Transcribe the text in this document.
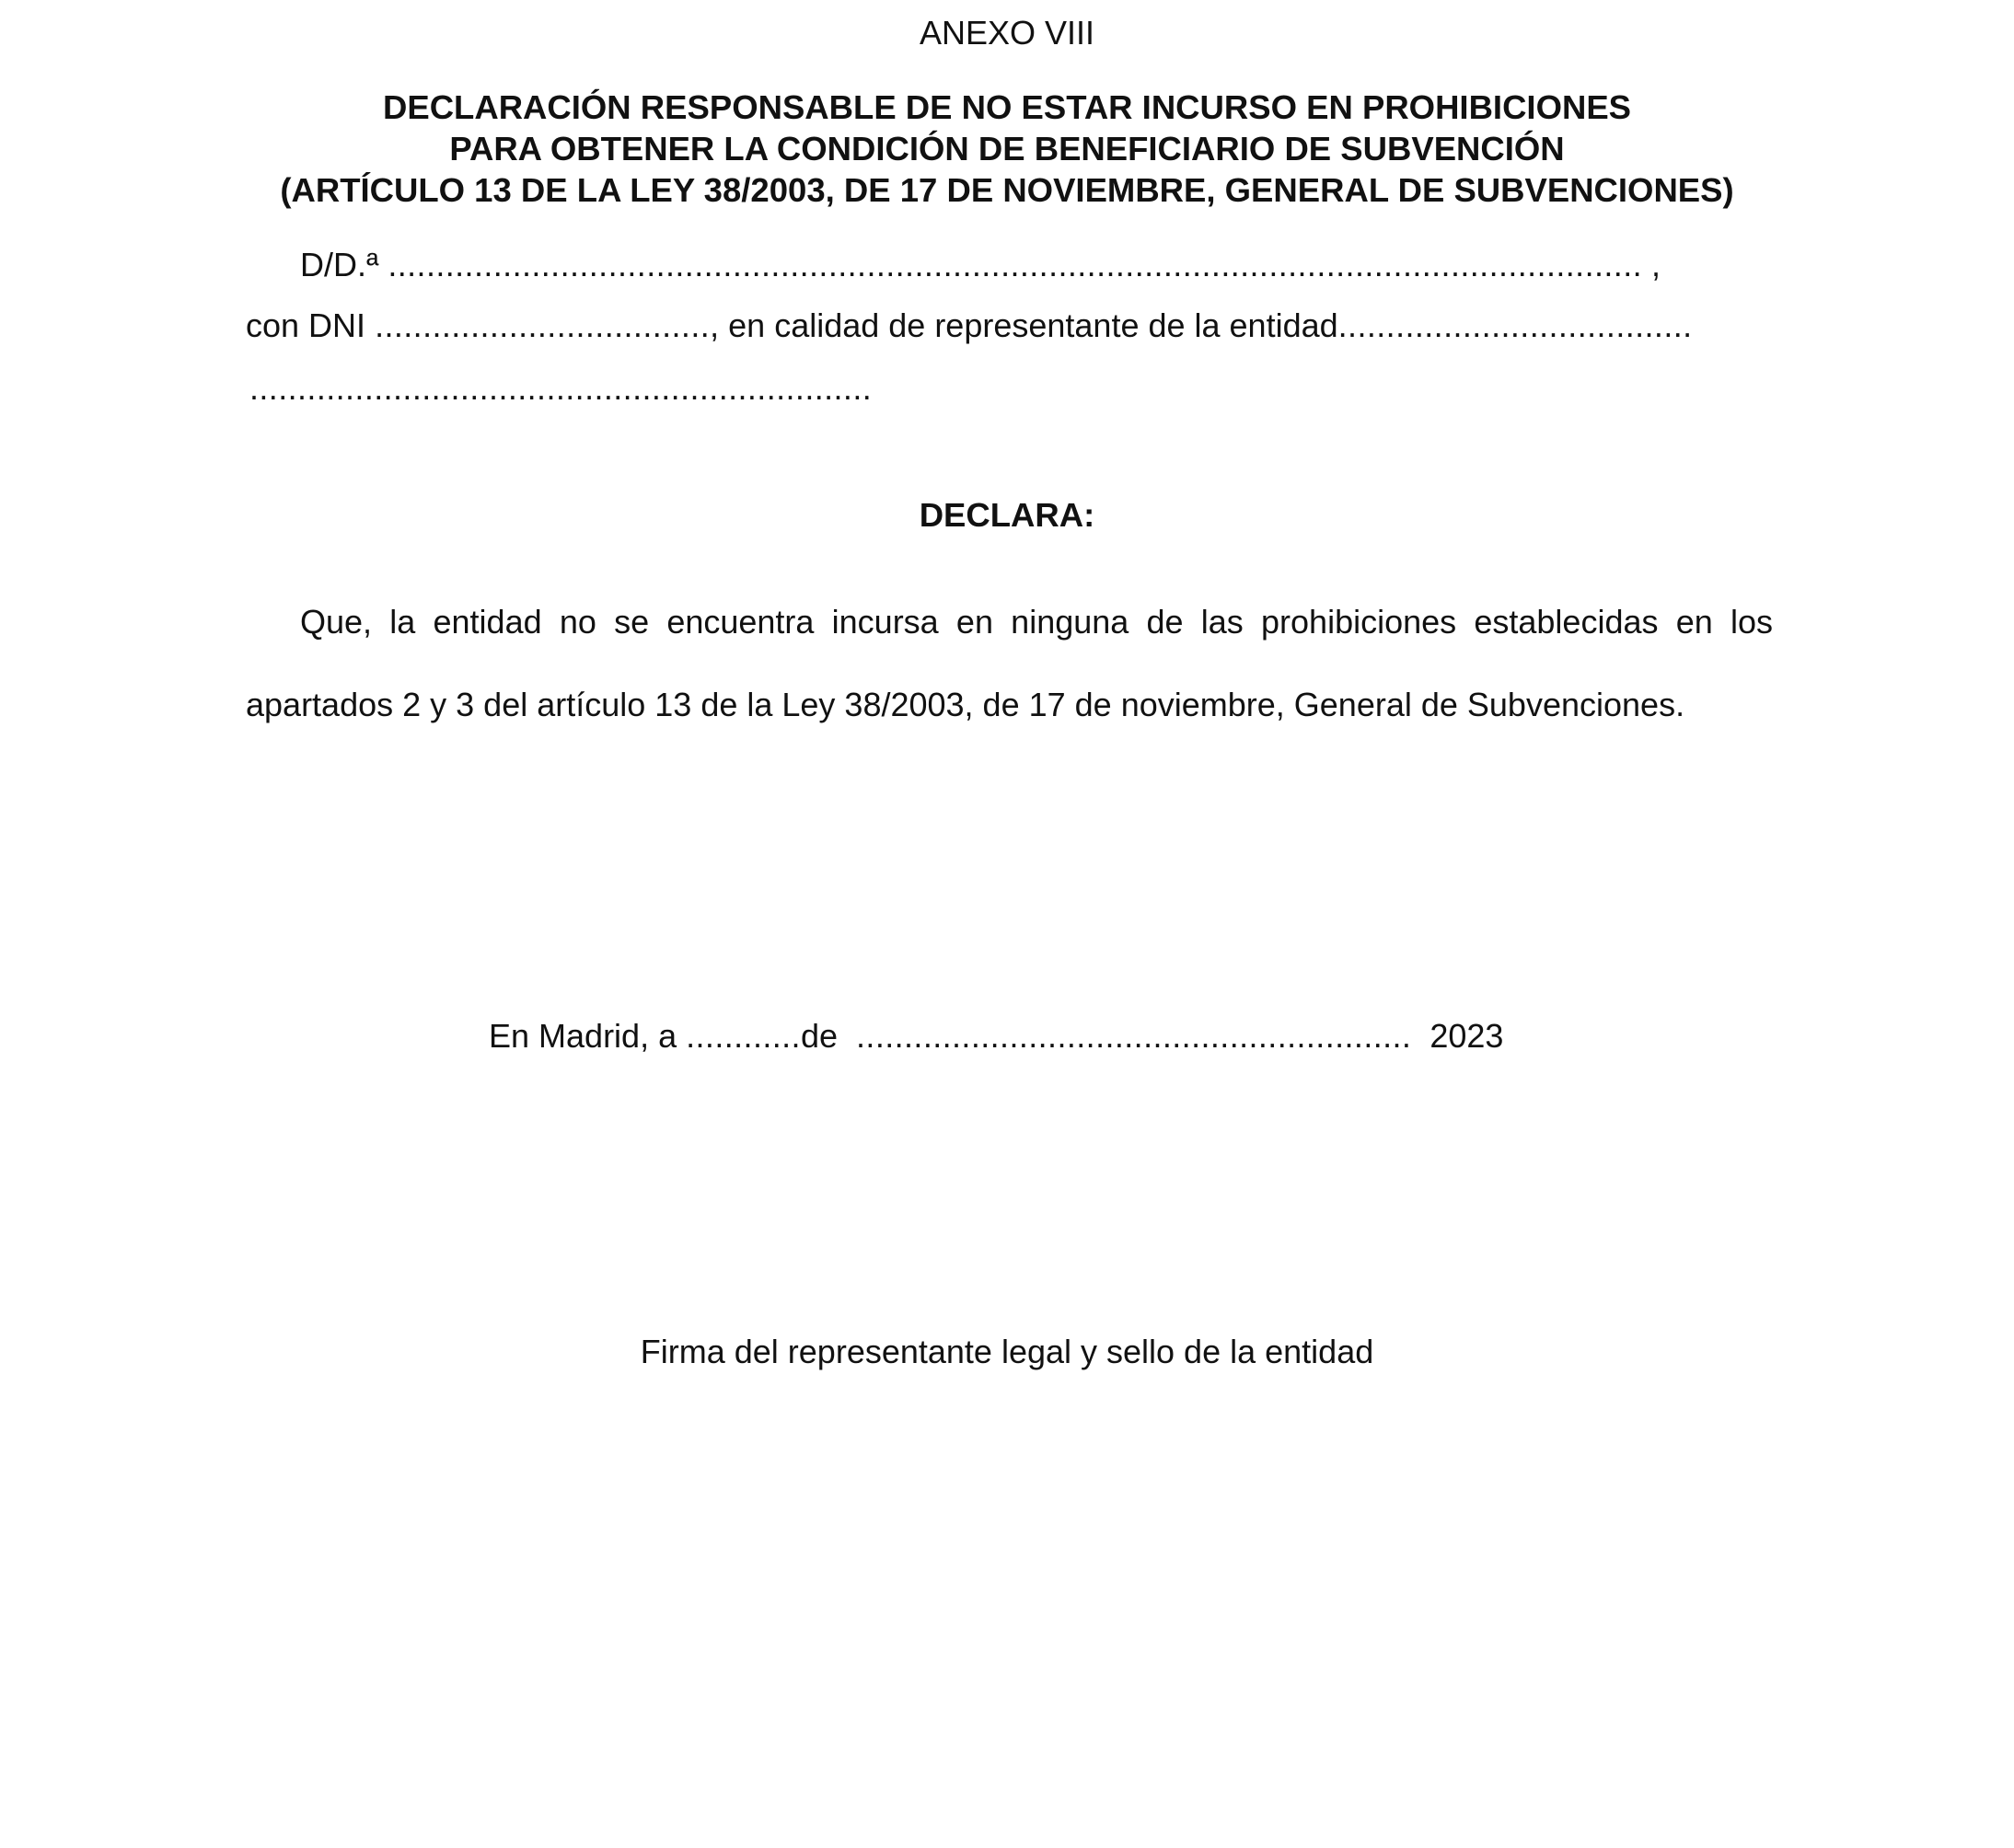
ANEXO VIII
DECLARACIÓN RESPONSABLE DE NO ESTAR INCURSO EN PROHIBICIONES
PARA OBTENER LA CONDICIÓN DE BENEFICIARIO DE SUBVENCIÓN
(ARTÍCULO 13 DE LA LEY 38/2003, DE 17 DE NOVIEMBRE, GENERAL DE SUBVENCIONES)
D/D.ª ................................................................................................................................... ,
con DNI ..................................., en calidad de representante de la entidad.....................................
.................................................................
DECLARA:
Que, la entidad no se encuentra incursa en ninguna de las prohibiciones establecidas en los
apartados 2 y 3 del artículo 13 de la Ley 38/2003, de 17 de noviembre, General de Subvenciones.
En Madrid, a ............de .......................................................... 2023
Firma del representante legal y sello de la entidad
